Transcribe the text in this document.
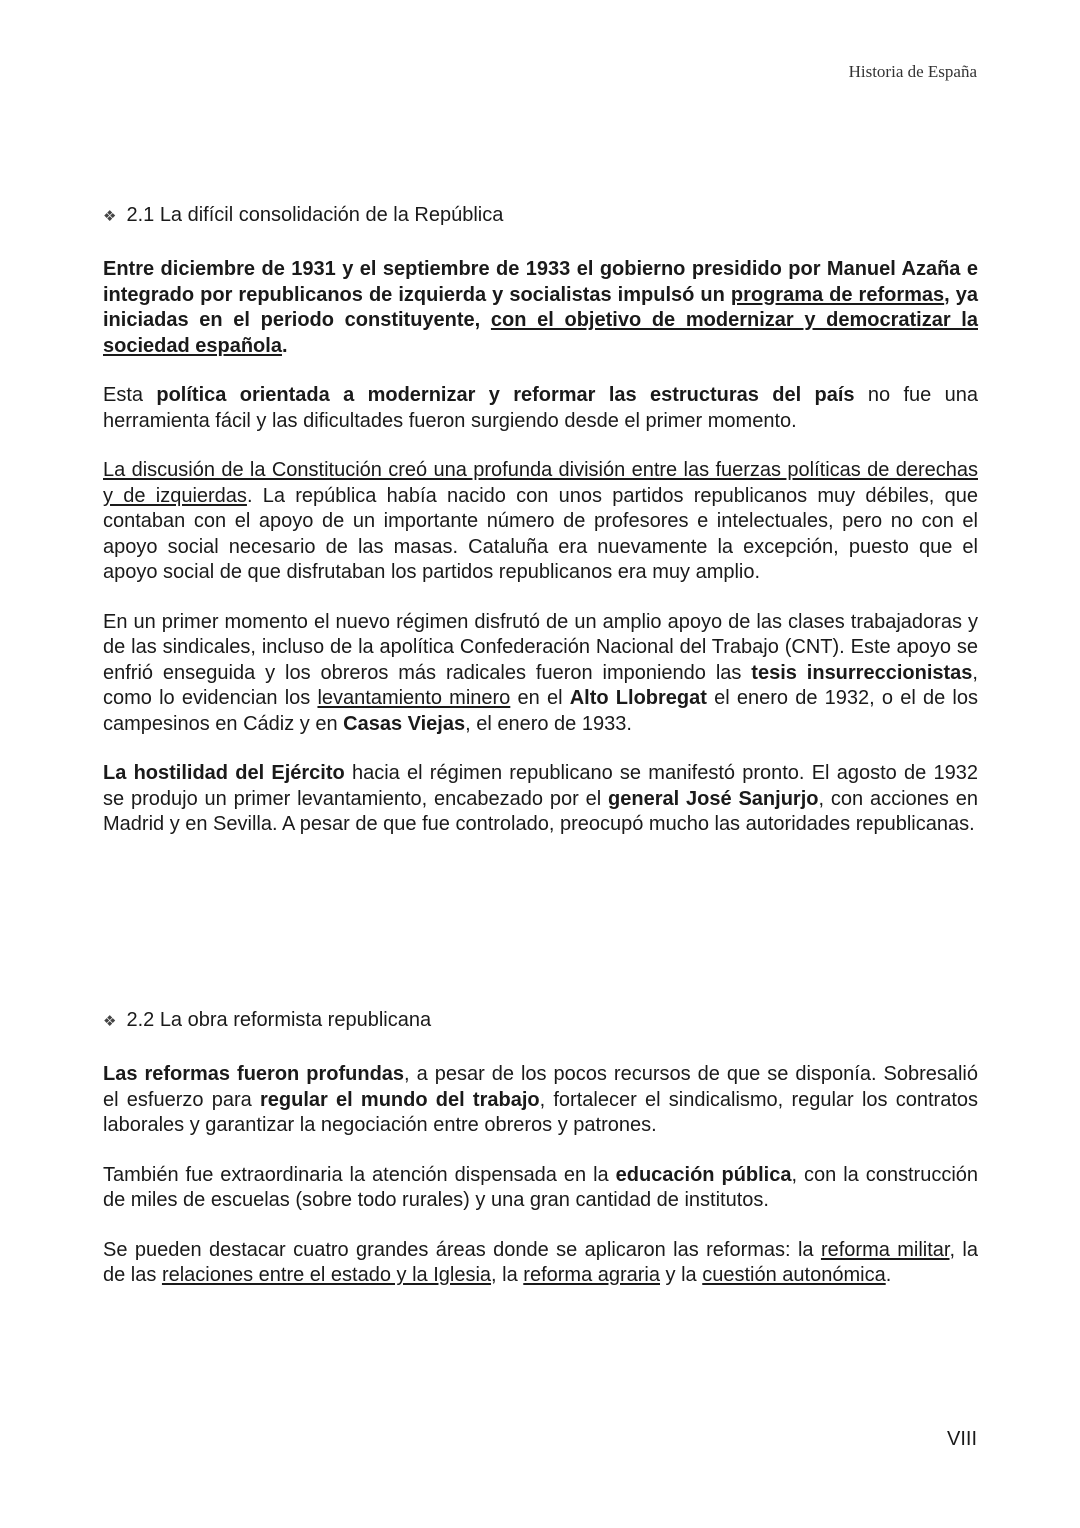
Historia de España
❖ 2.1 La difícil consolidación de la República

Entre diciembre de 1931 y el septiembre de 1933 el gobierno presidido por Manuel Azaña e integrado por republicanos de izquierda y socialistas impulsó un programa de reformas, ya iniciadas en el periodo constituyente, con el objetivo de modernizar y democratizar la sociedad española.

Esta política orientada a modernizar y reformar las estructuras del país no fue una herramienta fácil y las dificultades fueron surgiendo desde el primer momento.

La discusión de la Constitución creó una profunda división entre las fuerzas políticas de derechas y de izquierdas. La república había nacido con unos partidos republicanos muy débiles, que contaban con el apoyo de un importante número de profesores e intelectuales, pero no con el apoyo social necesario de las masas. Cataluña era nuevamente la excepción, puesto que el apoyo social de que disfrutaban los partidos republicanos era muy amplio.

En un primer momento el nuevo régimen disfrutó de un amplio apoyo de las clases trabajadoras y de las sindicales, incluso de la apolítica Confederación Nacional del Trabajo (CNT). Este apoyo se enfrió enseguida y los obreros más radicales fueron imponiendo las tesis insurreccionistas, como lo evidencian los levantamiento minero en el Alto Llobregat el enero de 1932, o el de los campesinos en Cádiz y en Casas Viejas, el enero de 1933.

La hostilidad del Ejército hacia el régimen republicano se manifestó pronto. El agosto de 1932 se produjo un primer levantamiento, encabezado por el general José Sanjurjo, con acciones en Madrid y en Sevilla. A pesar de que fue controlado, preocupó mucho las autoridades republicanas.

❖ 2.2 La obra reformista republicana

Las reformas fueron profundas, a pesar de los pocos recursos de que se disponía. Sobresalió el esfuerzo para regular el mundo del trabajo, fortalecer el sindicalismo, regular los contratos laborales y garantizar la negociación entre obreros y patrones.

También fue extraordinaria la atención dispensada en la educación pública, con la construcción de miles de escuelas (sobre todo rurales) y una gran cantidad de institutos.

Se pueden destacar cuatro grandes áreas donde se aplicaron las reformas: la reforma militar, la de las relaciones entre el estado y la Iglesia, la reforma agraria y la cuestión autonómica.

VIII
